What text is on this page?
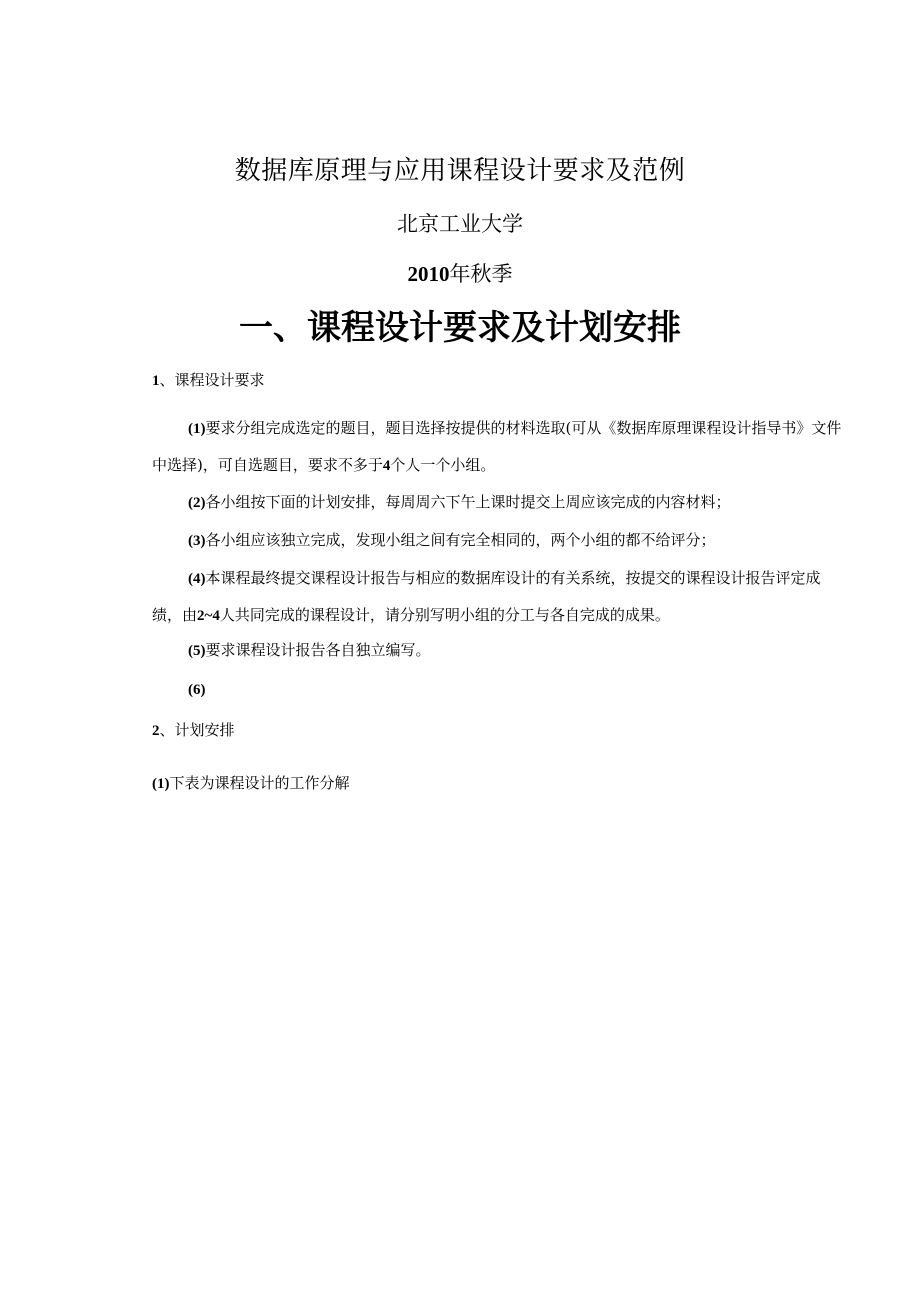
数据库原理与应用课程设计要求及范例
北京工业大学
2010年秋季
一、课程设计要求及计划安排
1、课程设计要求
(1)要求分组完成选定的题目，题目选择按提供的材料选取(可从《数据库原理课程设计指导书》文件中选择)，可自选题目，要求不多于4个人一个小组。
(2)各小组按下面的计划安排，每周周六下午上课时提交上周应该完成的内容材料；
(3)各小组应该独立完成，发现小组之间有完全相同的，两个小组的都不给评分；
(4)本课程最终提交课程设计报告与相应的数据库设计的有关系统，按提交的课程设计报告评定成绩，由2~4人共同完成的课程设计，请分别写明小组的分工与各自完成的成果。
(5)要求课程设计报告各自独立编写。
(6)
2、计划安排
(1)下表为课程设计的工作分解
